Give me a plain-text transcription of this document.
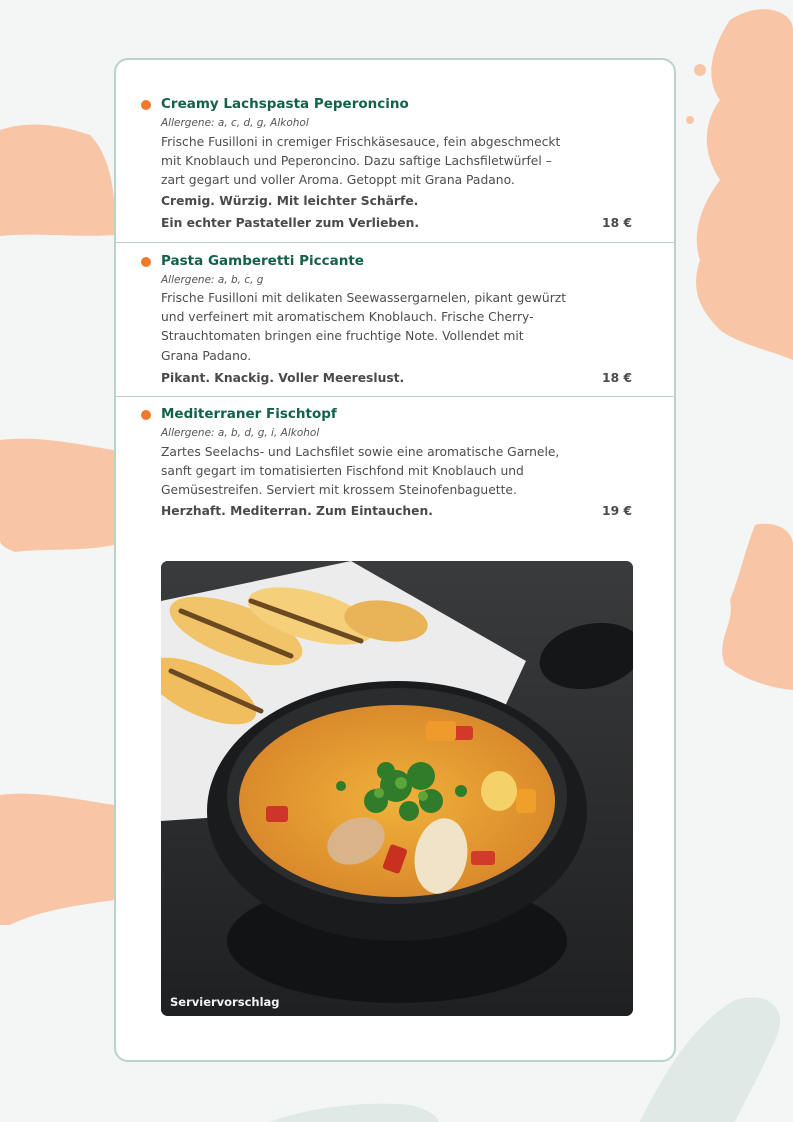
Creamy Lachspasta Peperoncino
Allergene: a, c, d, g, Alkohol
Frische Fusilloni in cremiger Frischkäsesauce, fein abgeschmeckt
mit Knoblauch und Peperoncino. Dazu saftige Lachsfiletwürfel –
zart gegart und voller Aroma. Getoppt mit Grana Padano.
Cremig. Würzig. Mit leichter Schärfe.
Ein echter Pastateller zum Verlieben.	18 €
Pasta Gamberetti Piccante
Allergene: a, b, c, g
Frische Fusilloni mit delikaten Seewassergarnelen, pikant gewürzt
und verfeinert mit aromatischem Knoblauch. Frische Cherry-
Strauchtomaten bringen eine fruchtige Note. Vollendet mit
Grana Padano.
Pikant. Knackig. Voller Meereslust.	18 €
Mediterraner Fischtopf
Allergene: a, b, d, g, i, Alkohol
Zartes Seelachs- und Lachsfilet sowie eine aromatische Garnele,
sanft gegart im tomatisierten Fischfond mit Knoblauch und
Gemüsestreifen. Serviert mit krossem Steinofenbaguette.
Herzhaft. Mediterran. Zum Eintauchen.	19 €
Serviervorschlag
